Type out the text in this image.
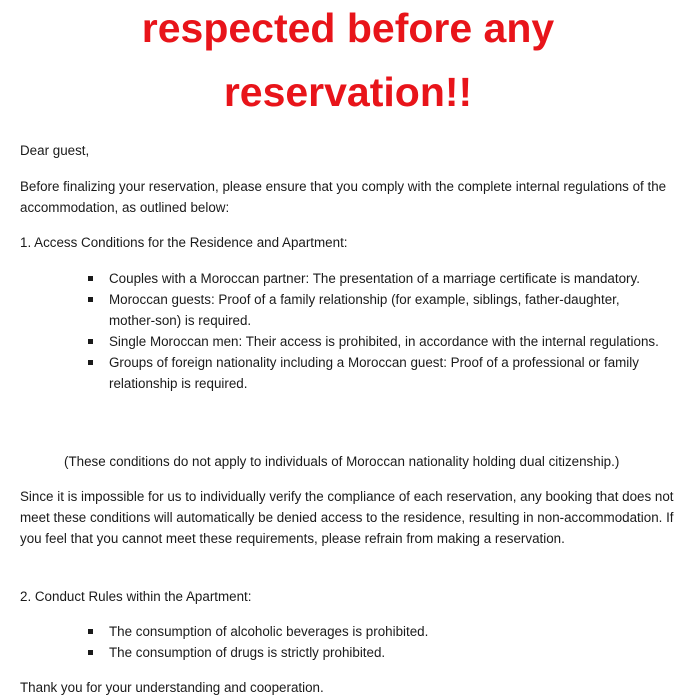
respected before any
reservation!!

Dear guest,

Before finalizing your reservation, please ensure that you comply with the complete internal regulations of the accommodation, as outlined below:

1. Access Conditions for the Residence and Apartment:

Couples with a Moroccan partner: The presentation of a marriage certificate is mandatory.
Moroccan guests: Proof of a family relationship (for example, siblings, father-daughter, mother-son) is required.
Single Moroccan men: Their access is prohibited, in accordance with the internal regulations.
Groups of foreign nationality including a Moroccan guest: Proof of a professional or family relationship is required.

(These conditions do not apply to individuals of Moroccan nationality holding dual citizenship.)

Since it is impossible for us to individually verify the compliance of each reservation, any booking that does not meet these conditions will automatically be denied access to the residence, resulting in non-accommodation. If you feel that you cannot meet these requirements, please refrain from making a reservation.

2. Conduct Rules within the Apartment:

The consumption of alcoholic beverages is prohibited.
The consumption of drugs is strictly prohibited.

Thank you for your understanding and cooperation.
